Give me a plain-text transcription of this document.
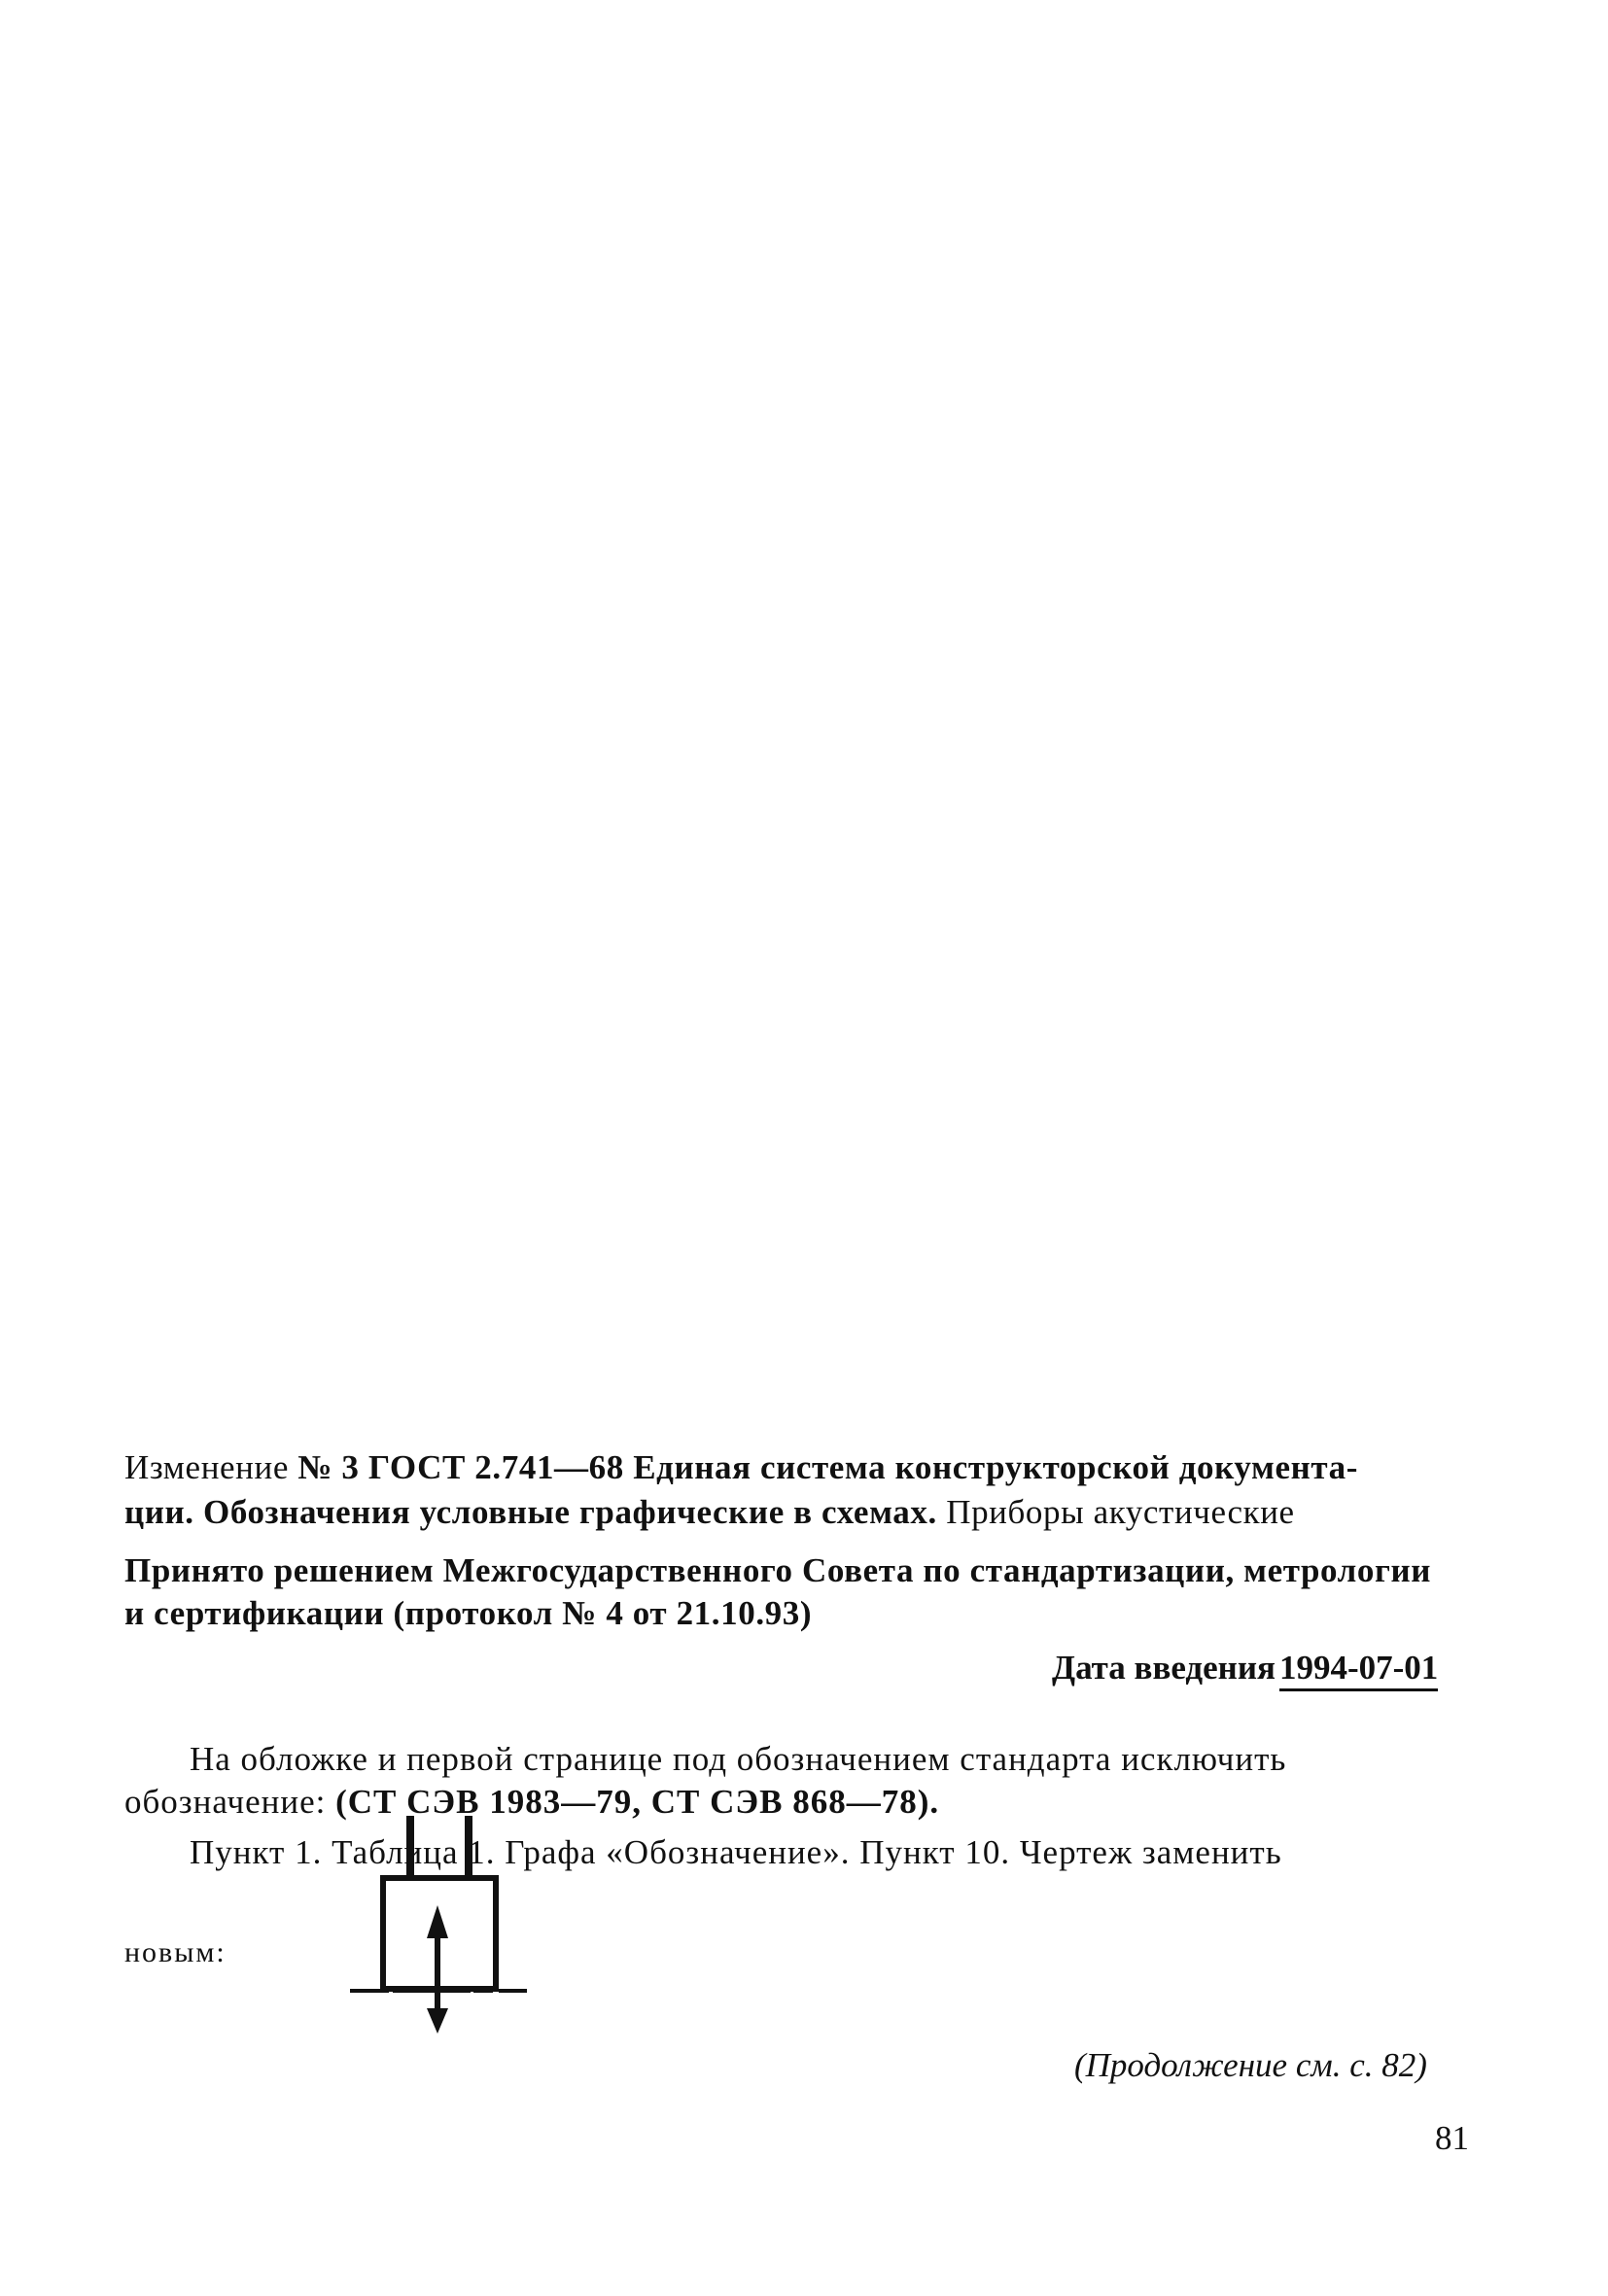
Изменение № 3 ГОСТ 2.741—68 Единая система конструкторской документа-
ции. Обозначения условные графические в схемах. Приборы акустические
Принято решением Межгосударственного Совета по стандартизации, метрологии
и сертификации (протокол № 4 от 21.10.93)
Дата введения 1994-07-01
На обложке и первой странице под обозначением стандарта исключить
обозначение: (СТ СЭВ 1983—79, СТ СЭВ 868—78).
Пункт 1. Таблица 1. Графа «Обозначение». Пункт 10. Чертеж заменить
новым:
(Продолжение см. с. 82)
81
